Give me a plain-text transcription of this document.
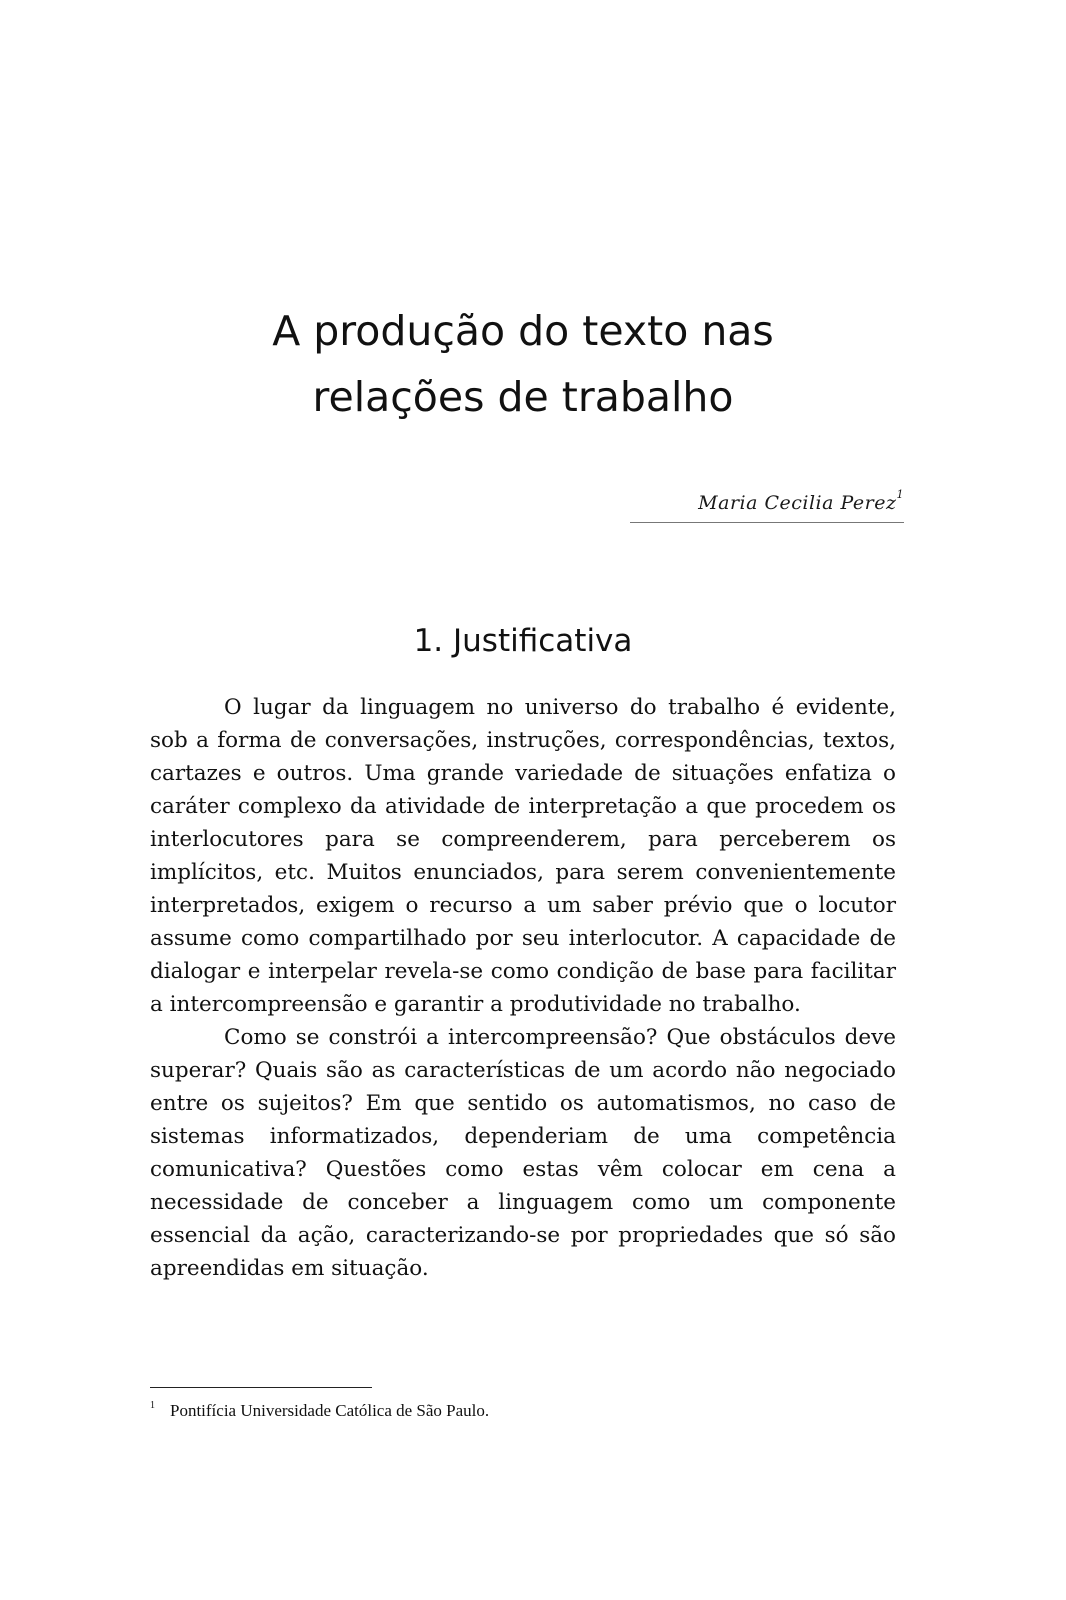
A produção do texto nas
relações de trabalho
Maria Cecilia Perez$^1$
1. Justificativa

O lugar da linguagem no universo do trabalho é evidente, sob a forma de conversações, instruções, correspondências, textos, cartazes e outros. Uma grande variedade de situações enfatiza o caráter complexo da atividade de interpretação a que procedem os interlocutores para se compreenderem, para perceberem os implícitos, etc. Muitos enunciados, para serem convenientemente interpretados, exigem o recurso a um saber prévio que o locutor assume como compartilhado por seu interlocutor. A capacidade de dialogar e interpelar revela-se como condição de base para facilitar a intercompreensão e garantir a produtividade no trabalho.

Como se constrói a intercompreensão? Que obstáculos deve superar? Quais são as características de um acordo não negociado entre os sujeitos? Em que sentido os automatismos, no caso de sistemas informatizados, dependeriam de uma competência comunicativa? Questões como estas vêm colocar em cena a necessidade de conceber a linguagem como um componente essencial da ação, caracterizando-se por propriedades que só são apreendidas em situação.

1 Pontifícia Universidade Católica de São Paulo.
